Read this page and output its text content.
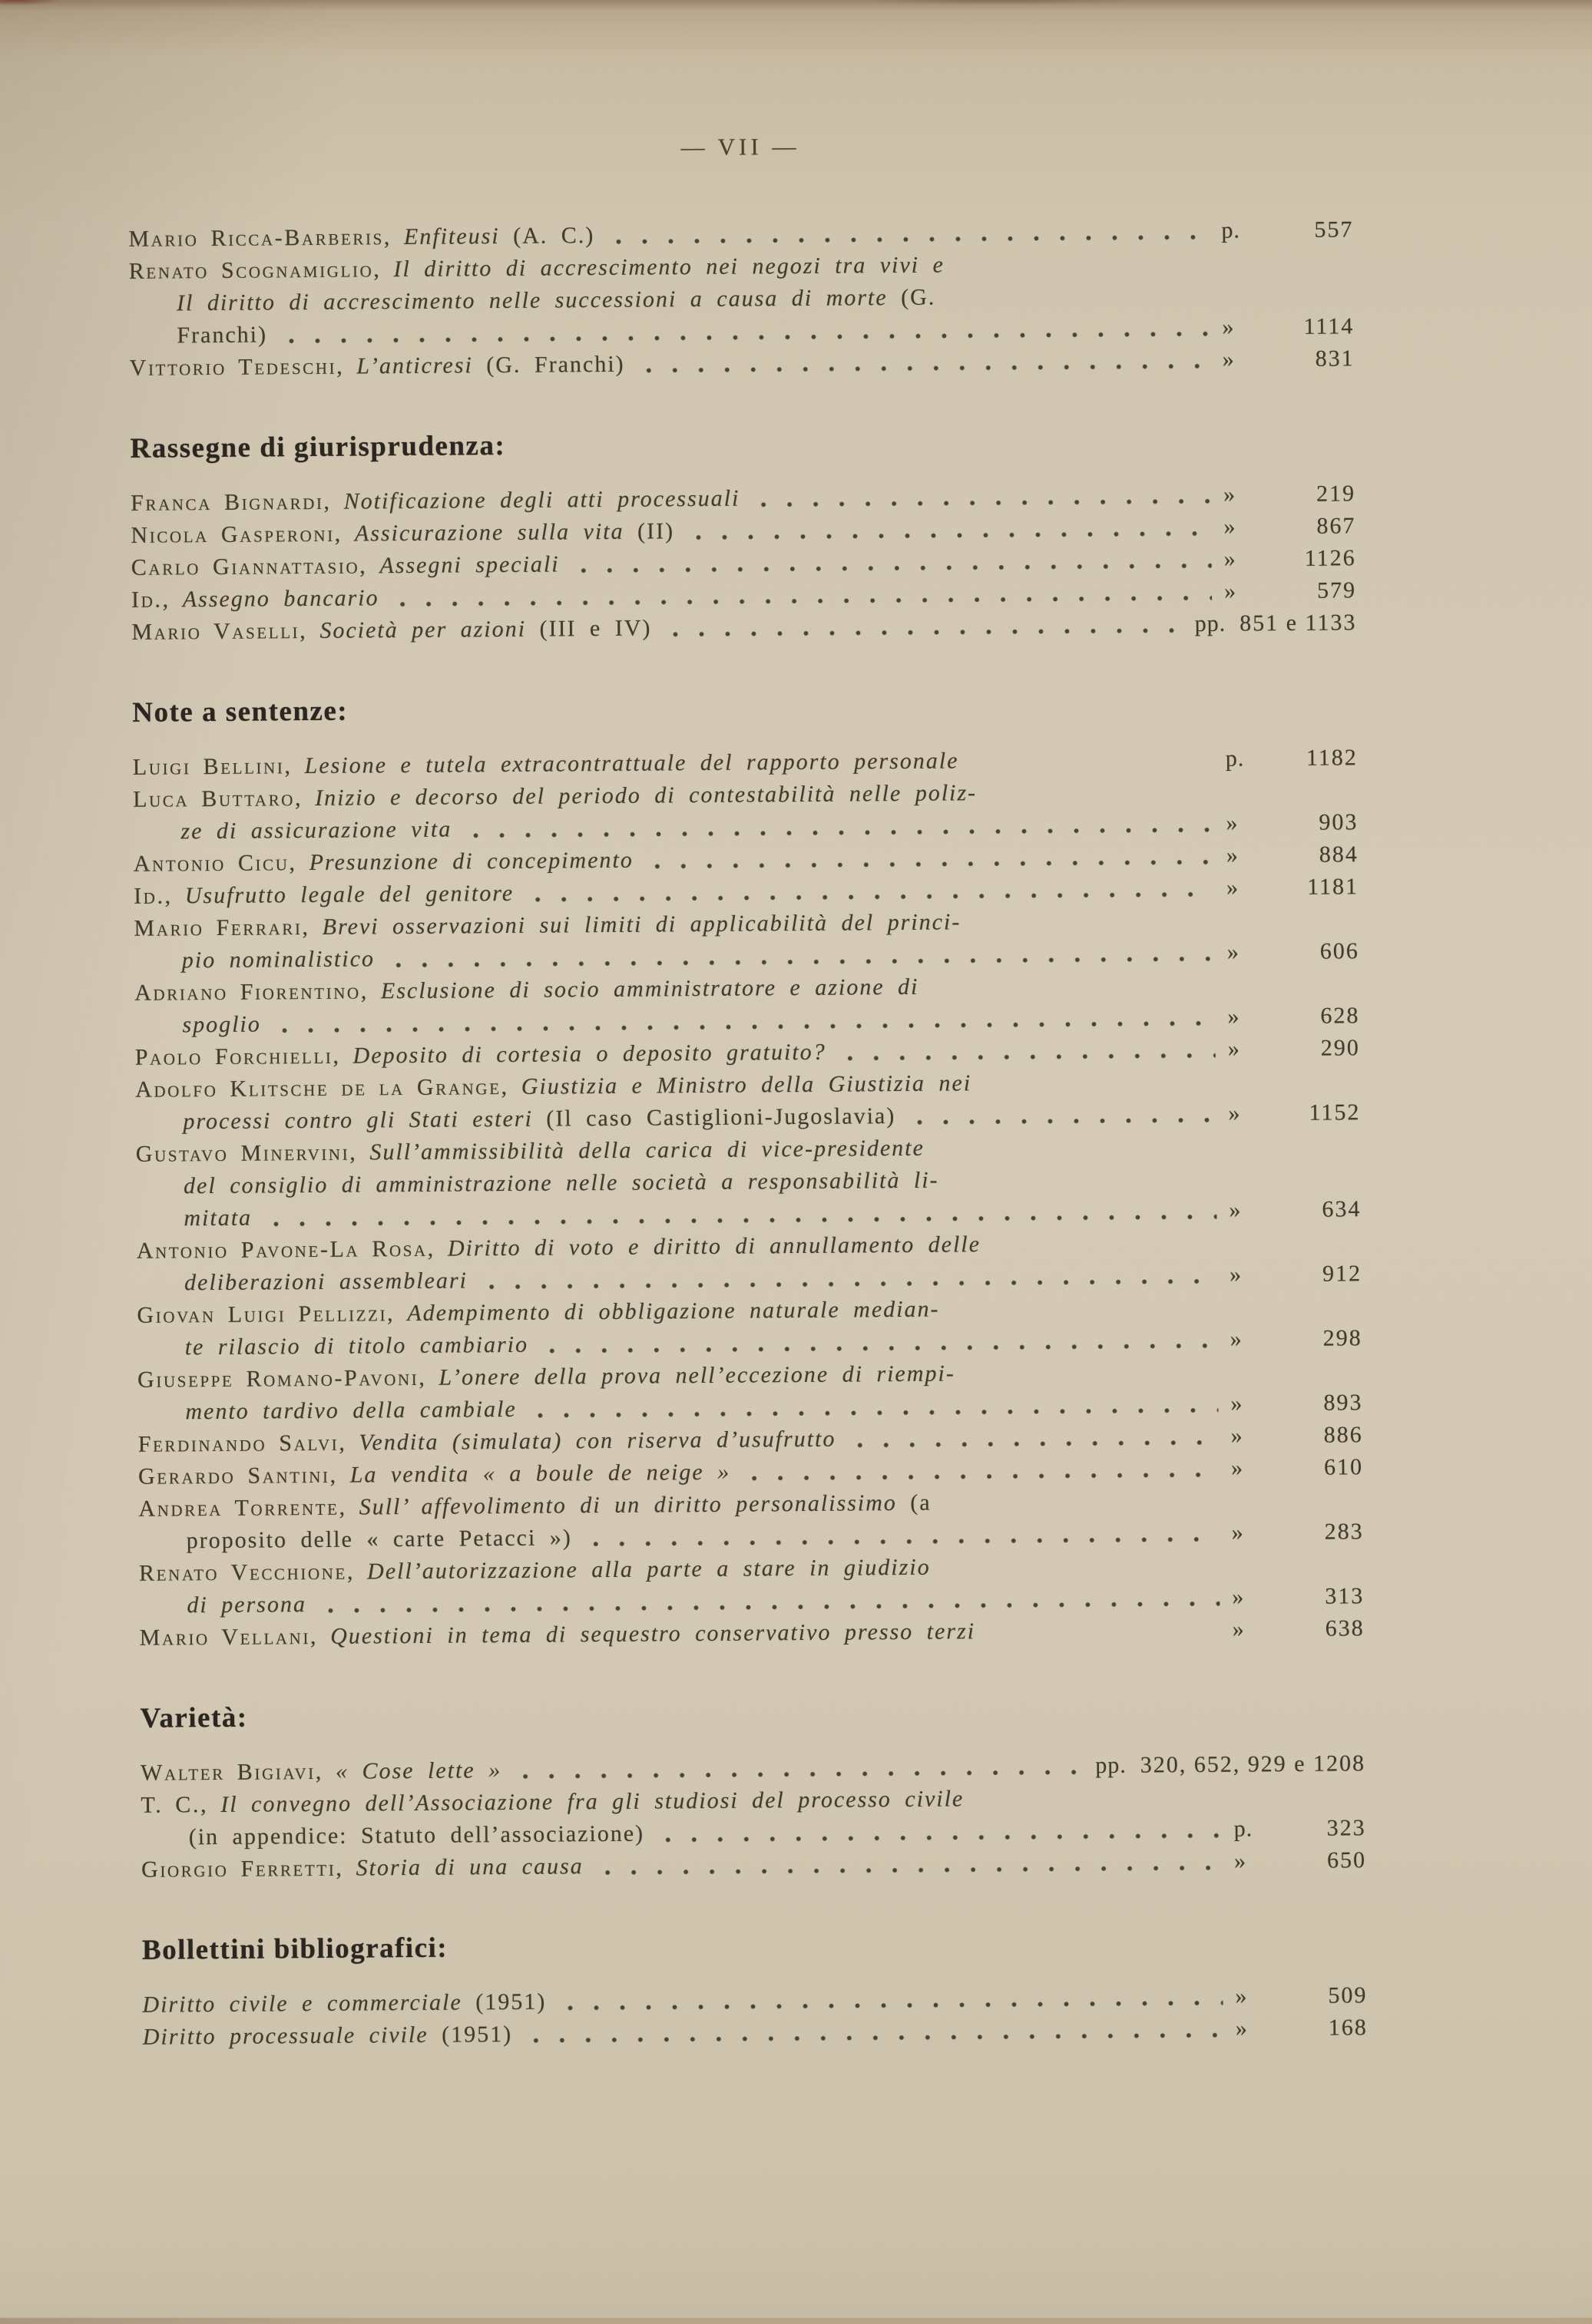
— VII —
Mario Ricca-Barberis, Enfiteusi (A. C.)	p.	557
Renato Scognamiglio, Il diritto di accrescimento nei negozi tra vivi e
Il diritto di accrescimento nelle successioni a causa di morte (G.
Franchi)	»	1114
Vittorio Tedeschi, L’anticresi (G. Franchi)	»	831
Rassegne di giurisprudenza:
Franca Bignardi, Notificazione degli atti processuali	»	219
Nicola Gasperoni, Assicurazione sulla vita (II)	»	867
Carlo Giannattasio, Assegni speciali	»	1126
Id., Assegno bancario	»	579
Mario Vaselli, Società per azioni (III e IV)	pp. 851 e 1133
Note a sentenze:
Luigi Bellini, Lesione e tutela extracontrattuale del rapporto personale	p.	1182
Luca Buttaro, Inizio e decorso del periodo di contestabilità nelle poliz-
ze di assicurazione vita	»	903
Antonio Cicu, Presunzione di concepimento	»	884
Id., Usufrutto legale del genitore	»	1181
Mario Ferrari, Brevi osservazioni sui limiti di applicabilità del princi-
pio nominalistico	»	606
Adriano Fiorentino, Esclusione di socio amministratore e azione di
spoglio	»	628
Paolo Forchielli, Deposito di cortesia o deposito gratuito?	»	290
Adolfo Klitsche de la Grange, Giustizia e Ministro della Giustizia nei
processi contro gli Stati esteri (Il caso Castiglioni-Jugoslavia)	»	1152
Gustavo Minervini, Sull’ammissibilità della carica di vice-presidente
del consiglio di amministrazione nelle società a responsabilità li-
mitata	»	634
Antonio Pavone-La Rosa, Diritto di voto e diritto di annullamento delle
deliberazioni assembleari	»	912
Giovan Luigi Pellizzi, Adempimento di obbligazione naturale median-
te rilascio di titolo cambiario	»	298
Giuseppe Romano-Pavoni, L’onere della prova nell’eccezione di riempi-
mento tardivo della cambiale	»	893
Ferdinando Salvi, Vendita (simulata) con riserva d’usufrutto	»	886
Gerardo Santini, La vendita « a boule de neige »	»	610
Andrea Torrente, Sull’ affevolimento di un diritto personalissimo (a
proposito delle « carte Petacci »)	»	283
Renato Vecchione, Dell’autorizzazione alla parte a stare in giudizio
di persona	»	313
Mario Vellani, Questioni in tema di sequestro conservativo presso terzi	»	638
Varietà:
Walter Bigiavi, « Cose lette »	pp. 320, 652, 929 e 1208
T. C., Il convegno dell’Associazione fra gli studiosi del processo civile
(in appendice: Statuto dell’associazione)	p.	323
Giorgio Ferretti, Storia di una causa	»	650
Bollettini bibliografici:
Diritto civile e commerciale (1951)	»	509
Diritto processuale civile (1951)	»	168
